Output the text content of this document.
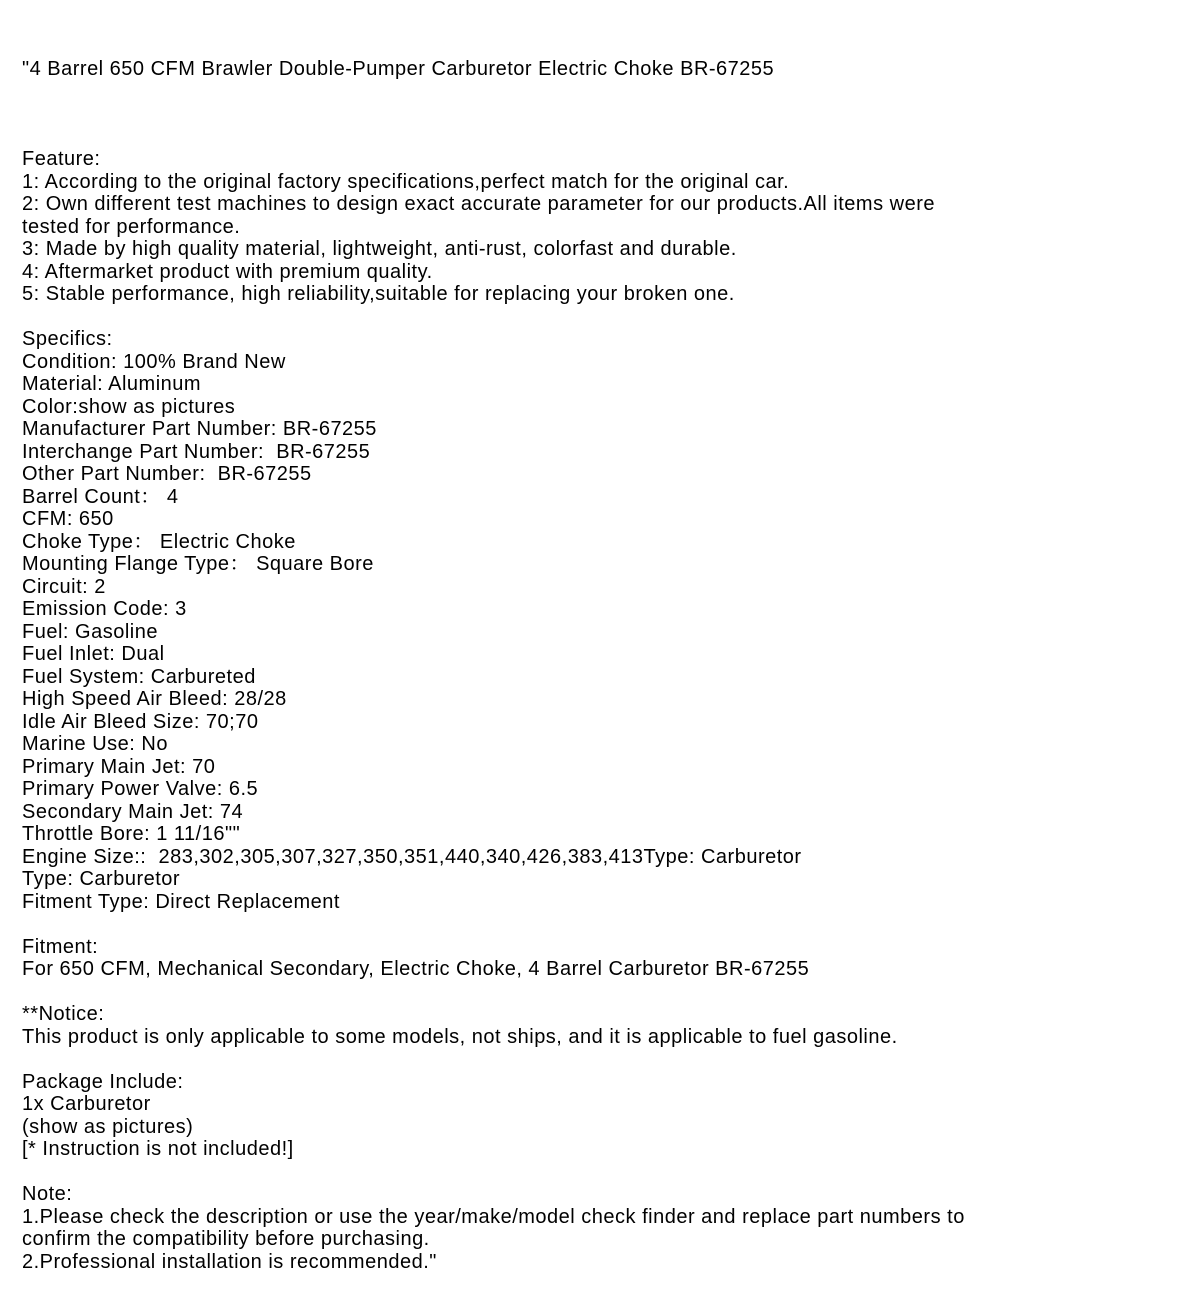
"4 Barrel 650 CFM Brawler Double-Pumper Carburetor Electric Choke BR-67255

Feature:
1: According to the original factory specifications,perfect match for the original car.
2: Own different test machines to design exact accurate parameter for our products.All items were
tested for performance.
3: Made by high quality material, lightweight, anti-rust, colorfast and durable.
4: Aftermarket product with premium quality.
5: Stable performance, high reliability,suitable for replacing your broken one.
Specifics:
Condition: 100% Brand New
Material: Aluminum
Color:show as pictures
Manufacturer Part Number: BR-67255
Interchange Part Number:  BR-67255
Other Part Number:  BR-67255
Barrel Count： 4
CFM: 650
Choke Type： Electric Choke
Mounting Flange Type： Square Bore
Circuit: 2
Emission Code: 3
Fuel: Gasoline
Fuel Inlet: Dual
Fuel System: Carbureted
High Speed Air Bleed: 28/28
Idle Air Bleed Size: 70;70
Marine Use: No
Primary Main Jet: 70
Primary Power Valve: 6.5
Secondary Main Jet: 74
Throttle Bore: 1 11/16""
Engine Size::  283,302,305,307,327,350,351,440,340,426,383,413Type: Carburetor
Type: Carburetor
Fitment Type: Direct Replacement
Fitment:
For 650 CFM, Mechanical Secondary, Electric Choke, 4 Barrel Carburetor BR-67255
**Notice:
This product is only applicable to some models, not ships, and it is applicable to fuel gasoline.
Package Include:
1x Carburetor
(show as pictures)
[* Instruction is not included!]
Note:
1.Please check the description or use the year/make/model check finder and replace part numbers to
confirm the compatibility before purchasing.
2.Professional installation is recommended."
